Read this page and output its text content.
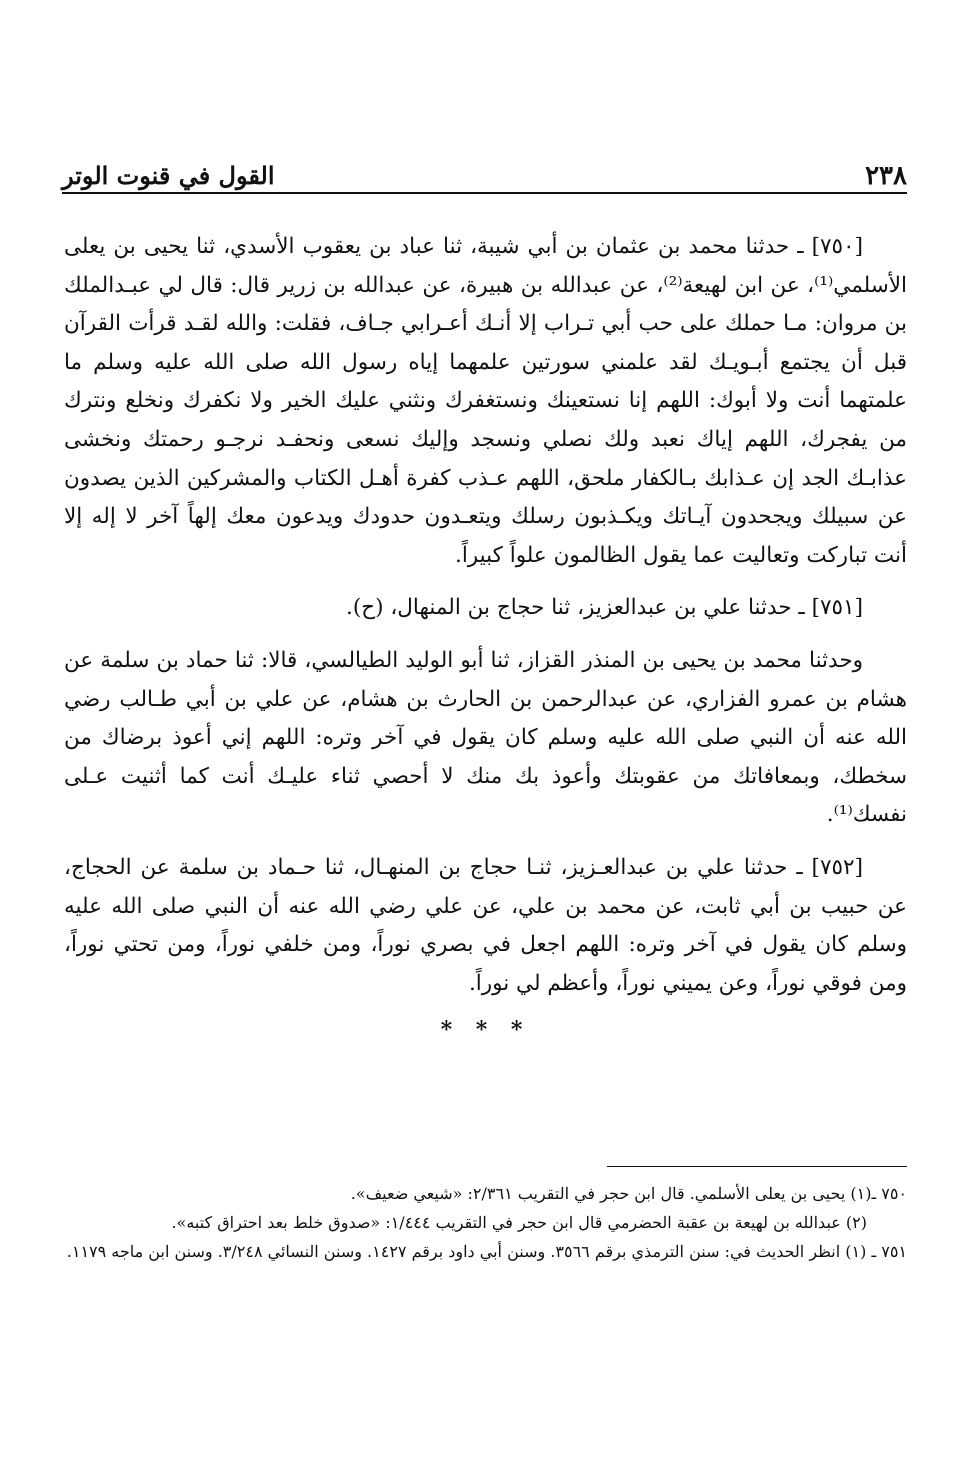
٢٣٨
القول في قنوت الوتر

[٧٥٠] ـ حدثنا محمد بن عثمان بن أبي شيبة، ثنا عباد بن يعقوب الأسدي، ثنا يحيى بن يعلى الأسلمي⁽¹⁾، عن ابن لهيعة⁽²⁾، عن عبدالله بن هبيرة، عن عبدالله بن زرير قال: قال لي عبـدالملك بن مروان: مـا حملك على حب أبي تـراب إلا أنـك أعـرابي جـاف، فقلت: والله لقـد قرأت القرآن قبل أن يجتمع أبـويـك لقد علمني سورتين علمهما إياه رسول الله صلى الله عليه وسلم ما علمتهما أنت ولا أبوك: اللهم إنا نستعينك ونستغفرك ونثني عليك الخير ولا نكفرك ونخلع ونترك من يفجرك، اللهم إياك نعبد ولك نصلي ونسجد وإليك نسعى ونحفـد نرجـو رحمتك ونخشى عذابـك الجد إن عـذابك بـالكفار ملحق، اللهم عـذب كفرة أهـل الكتاب والمشركين الذين يصدون عن سبيلك ويجحدون آيـاتك ويكـذبون رسلك ويتعـدون حدودك ويدعون معك إلهاً آخر لا إله إلا أنت تباركت وتعاليت عما يقول الظالمون علواً كبيراً.

[٧٥١] ـ حدثنا علي بن عبدالعزيز، ثنا حجاج بن المنهال، (ح).

وحدثنا محمد بن يحيى بن المنذر القزاز، ثنا أبو الوليد الطيالسي، قالا: ثنا حماد بن سلمة عن هشام بن عمرو الفزاري، عن عبدالرحمن بن الحارث بن هشام، عن علي بن أبي طـالب رضي الله عنه أن النبي صلى الله عليه وسلم كان يقول في آخر وتره: اللهم إني أعوذ برضاك من سخطك، وبمعافاتك من عقوبتك وأعوذ بك منك لا أحصي ثناء عليـك أنت كما أثنيت عـلى نفسك⁽¹⁾.

[٧٥٢] ـ حدثنا علي بن عبدالعـزيز، ثنـا حجاج بن المنهـال، ثنا حـماد بن سلمة عن الحجاج، عن حبيب بن أبي ثابت، عن محمد بن علي، عن علي رضي الله عنه أن النبي صلى الله عليه وسلم كان يقول في آخر وتره: اللهم اجعل في بصري نوراً، ومن خلفي نوراً، ومن تحتي نوراً، ومن فوقي نوراً، وعن يميني نوراً، وأعظم لي نوراً.

* * *

٧٥٠ ـ(١) يحيى بن يعلى الأسلمي. قال ابن حجر في التقريب ٢/٣٦١: «شيعي ضعيف».

(٢) عبدالله بن لهيعة بن عقبة الحضرمي قال ابن حجر في التقريب ١/٤٤٤: «صدوق خلط بعد احتراق كتبه».

٧٥١ ـ (١) انظر الحديث في: سنن الترمذي برقم ٣٥٦٦. وسنن أبي داود برقم ١٤٢٧. وسنن النسائي ٣/٢٤٨. وسنن ابن ماجه ١١٧٩.
